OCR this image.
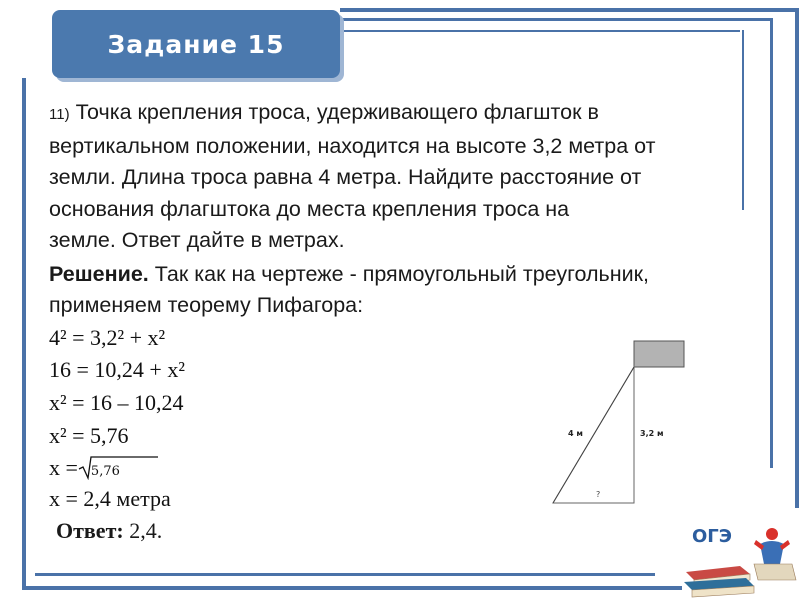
Задание 15
11) Точка крепления троса, удерживающего флагшток в
вертикальном положении, находится на высоте 3,2 метра от
земли. Длина троса равна 4 метра. Найдите расстояние от
основания флагштока до места крепления троса на
земле. Ответ дайте в метрах.
Решение. Так как на чертеже - прямоугольный треугольник,
применяем теорему Пифагора:
4² = 3,2² + x²
16 = 10,24 + x²
x² = 16 – 10,24
x² = 5,76
x = 5,76
x = 2,4 метра
Ответ: 2,4.
4 м	3,2 м
?
ОГЭ
